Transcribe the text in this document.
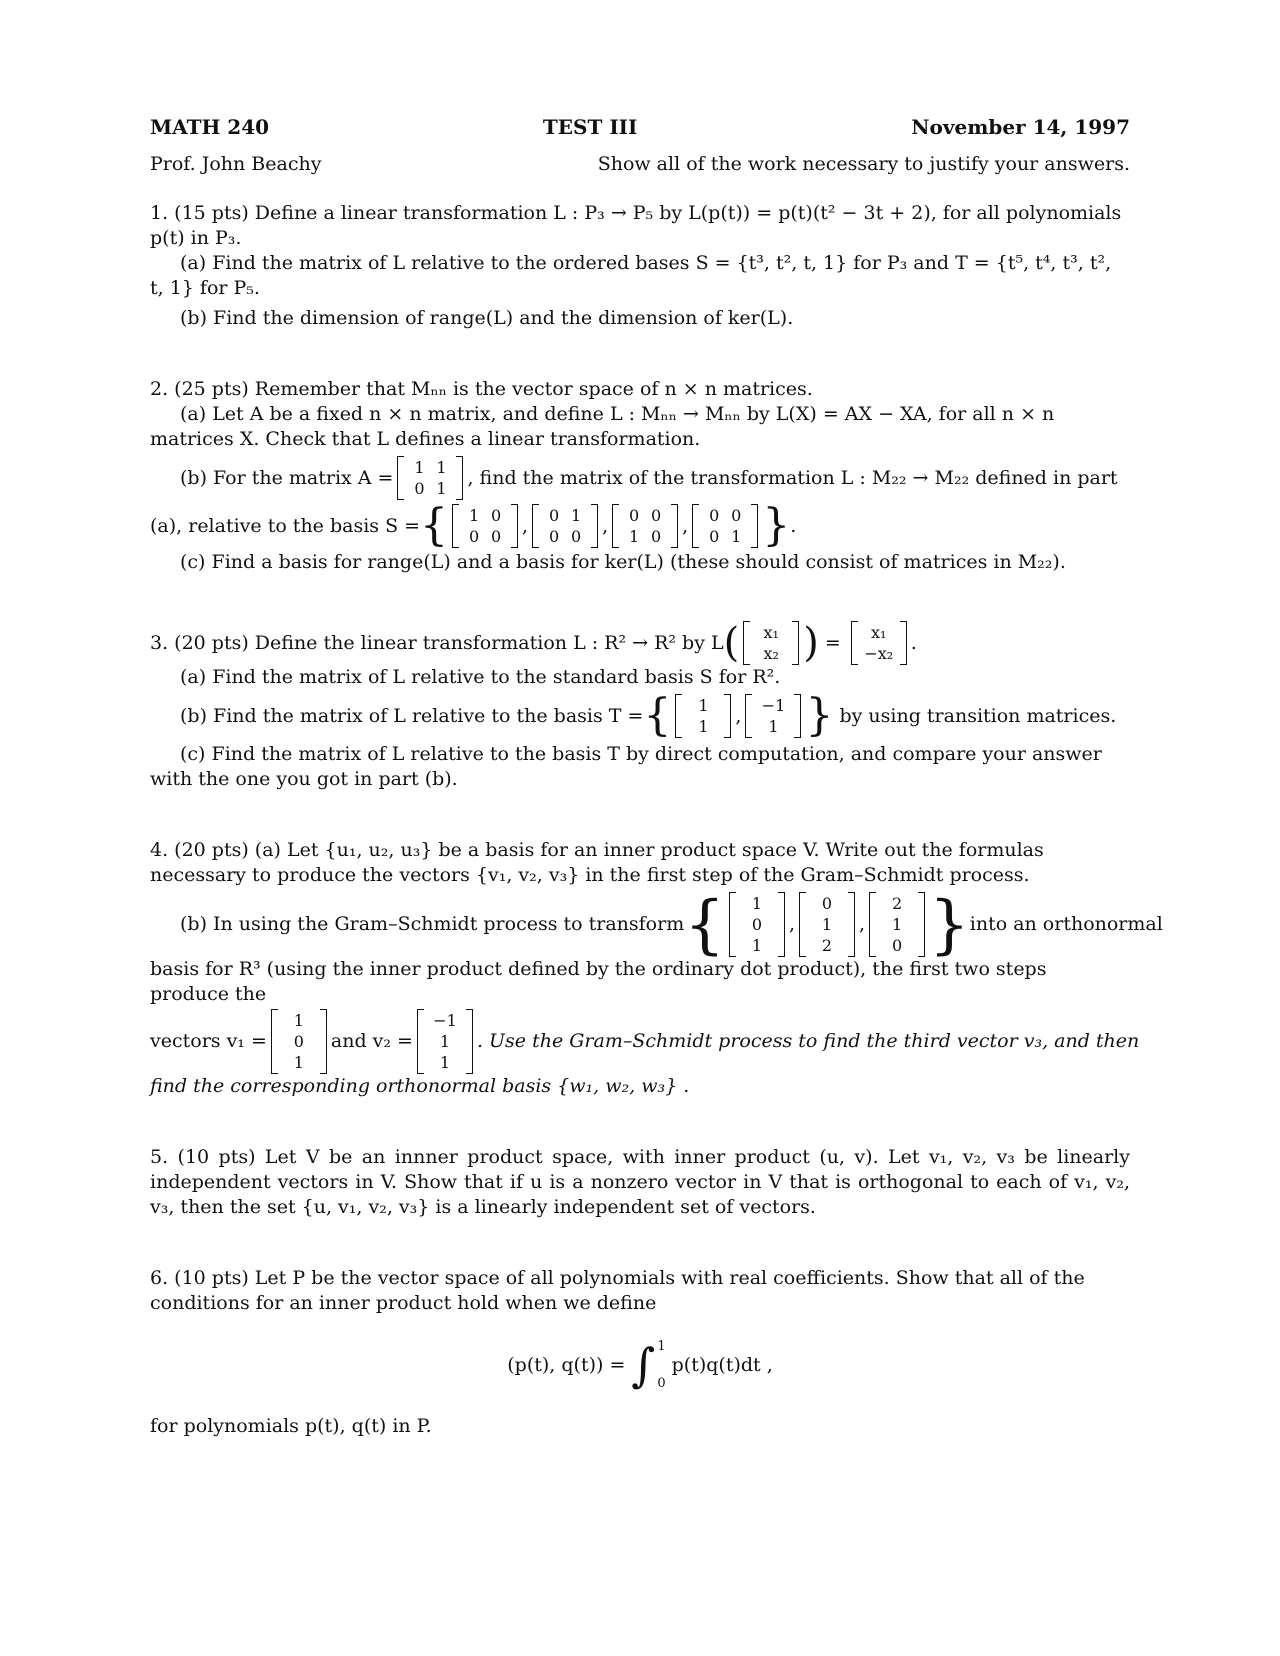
MATH 240	TEST III	November 14, 1997
Prof. John Beachy	Show all of the work necessary to justify your answers.

1. (15 pts) Define a linear transformation L : P₃ → P₅ by L(p(t)) = p(t)(t² − 3t + 2), for all polynomials p(t) in P₃.

(a) Find the matrix of L relative to the ordered bases S = {t³, t², t, 1} for P₃ and T = {t⁵, t⁴, t³, t², t, 1} for P₅.

(b) Find the dimension of range(L) and the dimension of ker(L).

2. (25 pts) Remember that Mₙₙ is the vector space of n × n matrices.

(a) Let A be a fixed n × n matrix, and define L : Mₙₙ → Mₙₙ by L(X) = AX − XA, for all n × n matrices X. Check that L defines a linear transformation.

(b) For the matrix A =	1 1
0 1	, find the matrix of the transformation L : M₂₂ → M₂₂ defined in part
(a), relative to the basis S = {	1 0
0 0	,	0 1
0 0	,	0 0
1 0	,	0 0
0 1 } .

(c) Find a basis for range(L) and a basis for ker(L) (these should consist of matrices in M₂₂).

3. (20 pts) Define the linear transformation L : R² → R² by L (	x₁
x₂ ) =	x₁
−x₂ .

(a) Find the matrix of L relative to the standard basis S for R².

(b) Find the matrix of L relative to the basis T = {	1
1	,	−1
1 } by using transition matrices.

(c) Find the matrix of L relative to the basis T by direct computation, and compare your answer with the one you got in part (b).

4. (20 pts) (a) Let {u₁, u₂, u₃} be a basis for an inner product space V. Write out the formulas necessary to produce the vectors {v₁, v₂, v₃} in the first step of the Gram–Schmidt process.

(b) In using the Gram–Schmidt process to transform {	1
0
1
,
0
1
2
,
2
1
0 } into an orthonormal

basis for R³ (using the inner product defined by the ordinary dot product), the first two steps produce the

vectors v₁ =
1
0
1
and v₂ =
−1
1
1
. Use the Gram–Schmidt process to find the third vector v₃, and then

find the corresponding orthonormal basis {w₁, w₂, w₃} .

5. (10 pts) Let V be an innner product space, with inner product (u, v). Let v₁, v₂, v₃ be linearly independent vectors in V. Show that if u is a nonzero vector in V that is orthogonal to each of v₁, v₂, v₃, then the set {u, v₁, v₂, v₃} is a linearly independent set of vectors.

6. (10 pts) Let P be the vector space of all polynomials with real coefficients. Show that all of the conditions for an inner product hold when we define

(p(t), q(t)) = ∫ 1
0
p(t)q(t)dt ,

for polynomials p(t), q(t) in P.
